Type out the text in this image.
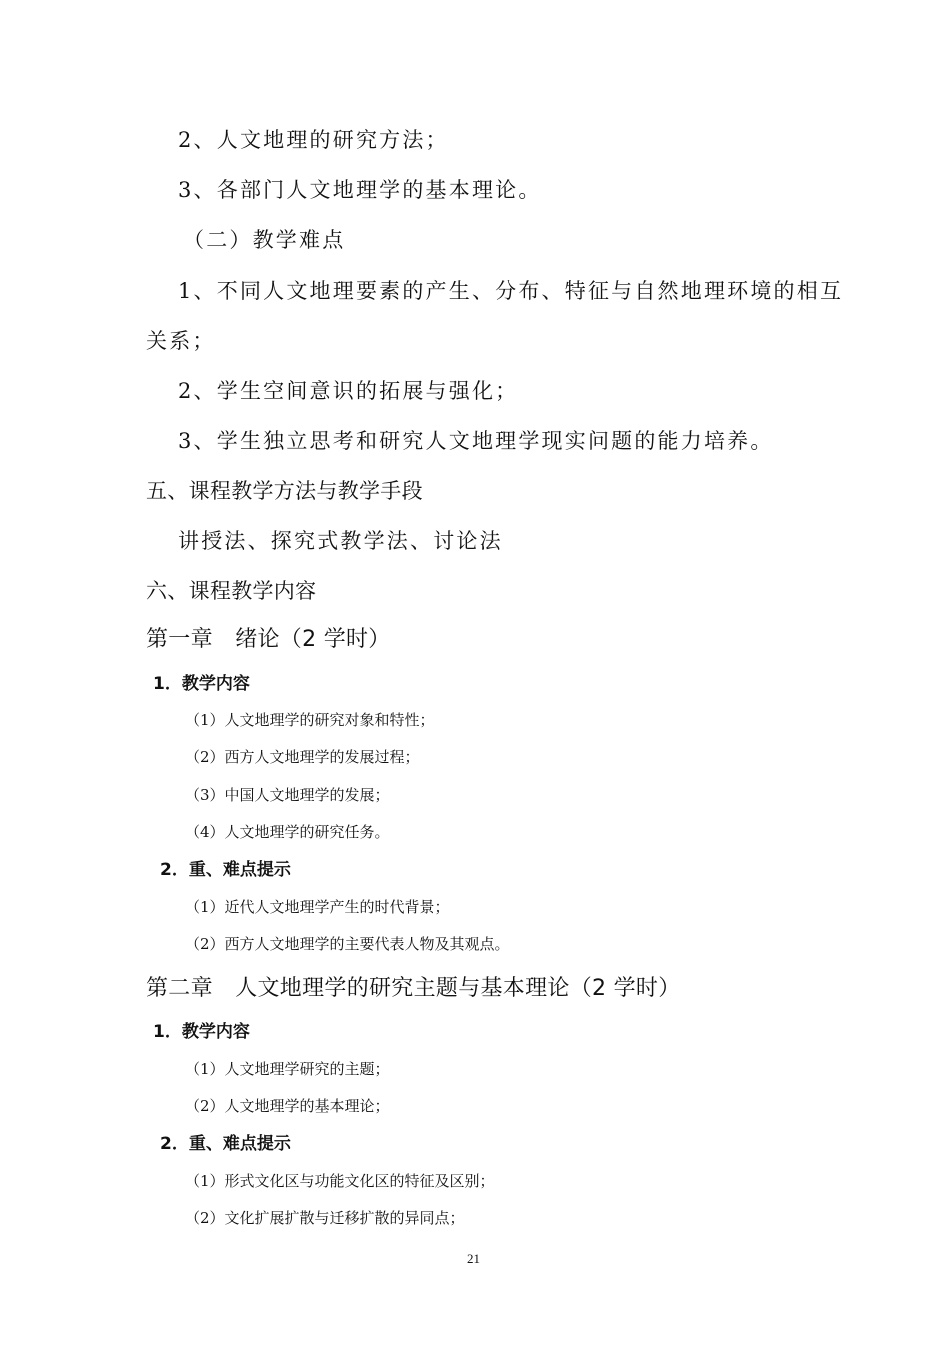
2、人文地理的研究方法；
3、各部门人文地理学的基本理论。
（二）教学难点
1、不同人文地理要素的产生、分布、特征与自然地理环境的相互
关系；
2、学生空间意识的拓展与强化；
3、学生独立思考和研究人文地理学现实问题的能力培养。
五、课程教学方法与教学手段
讲授法、探究式教学法、讨论法
六、课程教学内容
第一章　绪论（2 学时）
1．教学内容
（1）人文地理学的研究对象和特性；
（2）西方人文地理学的发展过程；
（3）中国人文地理学的发展；
（4）人文地理学的研究任务。
2．重、难点提示
（1）近代人文地理学产生的时代背景；
（2）西方人文地理学的主要代表人物及其观点。
第二章　人文地理学的研究主题与基本理论（2 学时）
1．教学内容
（1）人文地理学研究的主题；
（2）人文地理学的基本理论；
2．重、难点提示
（1）形式文化区与功能文化区的特征及区别；
（2）文化扩展扩散与迁移扩散的异同点；
21
